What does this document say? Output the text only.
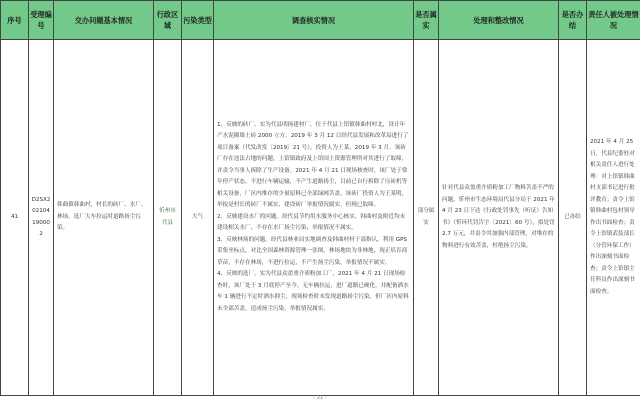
序号	受理编号	交办问题基本情况	行政区域	污染类型	调查核实情况	是否属实	处理和整改情况	是否办结	责任人被处理情况
41	D2SX202104190002	韩曲镇韩曲村，村长的砖厂、水厂、林场、选厂大车拉运时道路扬尘污染。	忻州市代县	大气	1、反映的砖厂。实为代县明扬建材厂，位于代县上馆镇韩曲村村北，设计年产水泥砌墙土砖 2000 立方。2019 年 3 月 12 日经代县发展和改革局进行了项目备案（代发改发〔2019〕21 号），投资人为王某，2019 年 3 月，该砖厂存在违法占地的问题，上馆镇政府及上馆国土资源管理所对其进行了取缔，并责令当事人拆除了生产设备。2021 年 4 月 21 日现场核查时，该厂处于常年停产状态，不进行车辆运输，不产生道路扬尘，目前已自行拆除了压砖机等相关设备，厂区内堆存的少量原料已全部绿网苫盖。该砖厂投资人为王某明，举报是村长的砖厂不属实，建设砖厂举报情况属实，但现已取缔。
2、反映建设水厂的问题。经代县节约用水服务中心核实，韩曲村及附近均未建设相关水厂，不存在水厂扬尘污染，举报情况不属实。
3、反映林场的问题。经代县林业局实地调查及韩曲村村干部指认，利用 GPS 采集坐标点，对比全国森林资源管理一张图，林场地块为非林地，现正培育商草苗，不存在林场，不进行拉运，不产生扬尘污染，举报情况不属实。
4、反映的选厂，实为代县众盈重介质粉加工厂，2021 年 4 月 21 日现场检查时，该厂处于 3 月底停产至今，无车辆拉运，进厂道路已硬化，并配备洒水车 1 辆进行不定时洒水抑尘，现场检查时未发现道路扬尘污染，但厂区内原料未全部苫盖，造成扬尘污染，举报情况属实。	部分属实	针对代县众盈重介质粉加工厂物料苫盖不严的问题，忻州市生态环境局代县分局于 2021 年 4 月 23 日下达《行政处罚事先（听证）告知书》（忻环代罚告字〔2021〕60 号），拟处罚 2.7 万元，并责令其加强内部管理，对堆存的物料进行有效苫盖，杜绝扬尘污染。	已办结	2021 年 4 月 25 日，代县纪委驻对相关责任人进行处理：对上馆镇韩曲村支部书记进行批评教育；责令上馆镇韩曲村包村领导作出书面检查；责令上馆镇武装部长（分管环保工作）作出深刻书面检查；责令上馆镇主任科员作出深刻书面检查。
- 21 -
